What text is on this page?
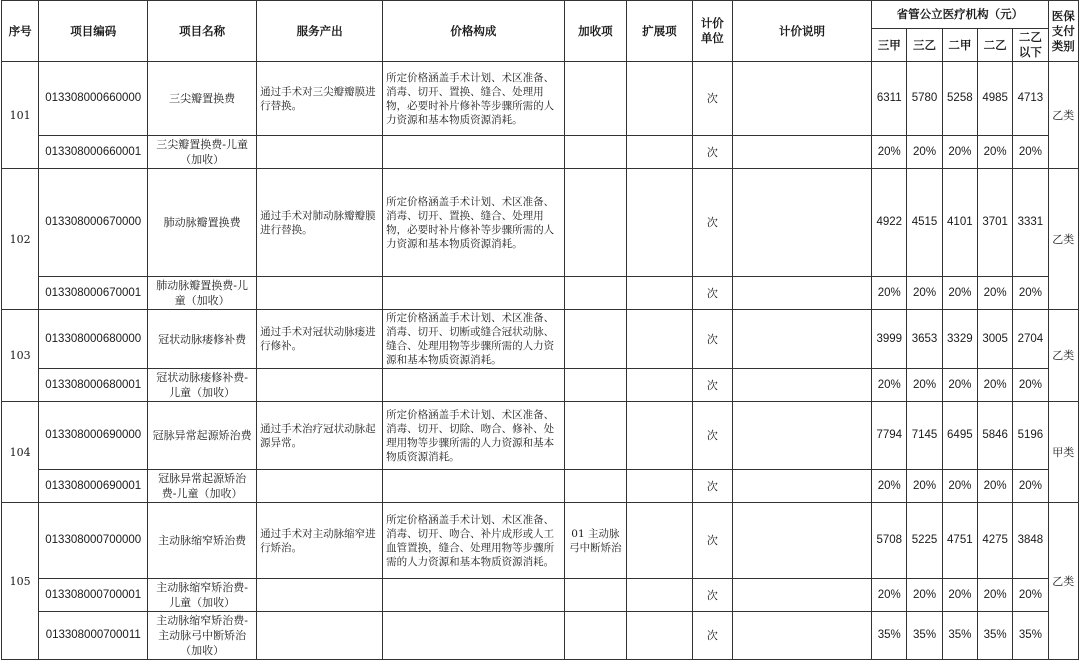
序号	项目编码	项目名称	服务产出	价格构成	加收项	扩展项	计价单位	计价说明	省管公立医疗机构（元）					医保支付类别
									三甲	三乙	二甲	二乙	二乙以下	
101	013308000660000	三尖瓣置换费	通过手术对三尖瓣瓣膜进行替换。	所定价格涵盖手术计划、术区准备、消毒、切开、置换、缝合、处理用物，必要时补片修补等步骤所需的人力资源和基本物质资源消耗。			次		6311	5780	5258	4985	4713	乙类
	013308000660001	三尖瓣置换费-儿童（加收）					次		20%	20%	20%	20%	20%	
102	013308000670000	肺动脉瓣置换费	通过手术对肺动脉瓣瓣膜进行替换。	所定价格涵盖手术计划、术区准备、消毒、切开、置换、缝合、处理用物，必要时补片修补等步骤所需的人力资源和基本物质资源消耗。			次		4922	4515	4101	3701	3331	乙类
	013308000670001	肺动脉瓣置换费-儿童（加收）					次		20%	20%	20%	20%	20%	
103	013308000680000	冠状动脉瘘修补费	通过手术对冠状动脉瘘进行修补。	所定价格涵盖手术计划、术区准备、消毒、切开、切断或缝合冠状动脉、缝合、处理用物等步骤所需的人力资源和基本物质资源消耗。			次		3999	3653	3329	3005	2704	乙类
	013308000680001	冠状动脉瘘修补费-儿童（加收）					次		20%	20%	20%	20%	20%	
104	013308000690000	冠脉异常起源矫治费	通过手术治疗冠状动脉起源异常。	所定价格涵盖手术计划、术区准备、消毒、切开、切除、吻合、修补、处理用物等步骤所需的人力资源和基本物质资源消耗。			次		7794	7145	6495	5846	5196	甲类
	013308000690001	冠脉异常起源矫治费-儿童（加收）					次		20%	20%	20%	20%	20%	
105	013308000700000	主动脉缩窄矫治费	通过手术对主动脉缩窄进行矫治。	所定价格涵盖手术计划、术区准备、消毒、切开、吻合、补片成形或人工血管置换，缝合、处理用物等步骤所需的人力资源和基本物质资源消耗。	01 主动脉弓中断矫治		次		5708	5225	4751	4275	3848	乙类
	013308000700001	主动脉缩窄矫治费-儿童（加收）					次		20%	20%	20%	20%	20%	
	013308000700011	主动脉缩窄矫治费-主动脉弓中断矫治（加收）					次		35%	35%	35%	35%	35%	
